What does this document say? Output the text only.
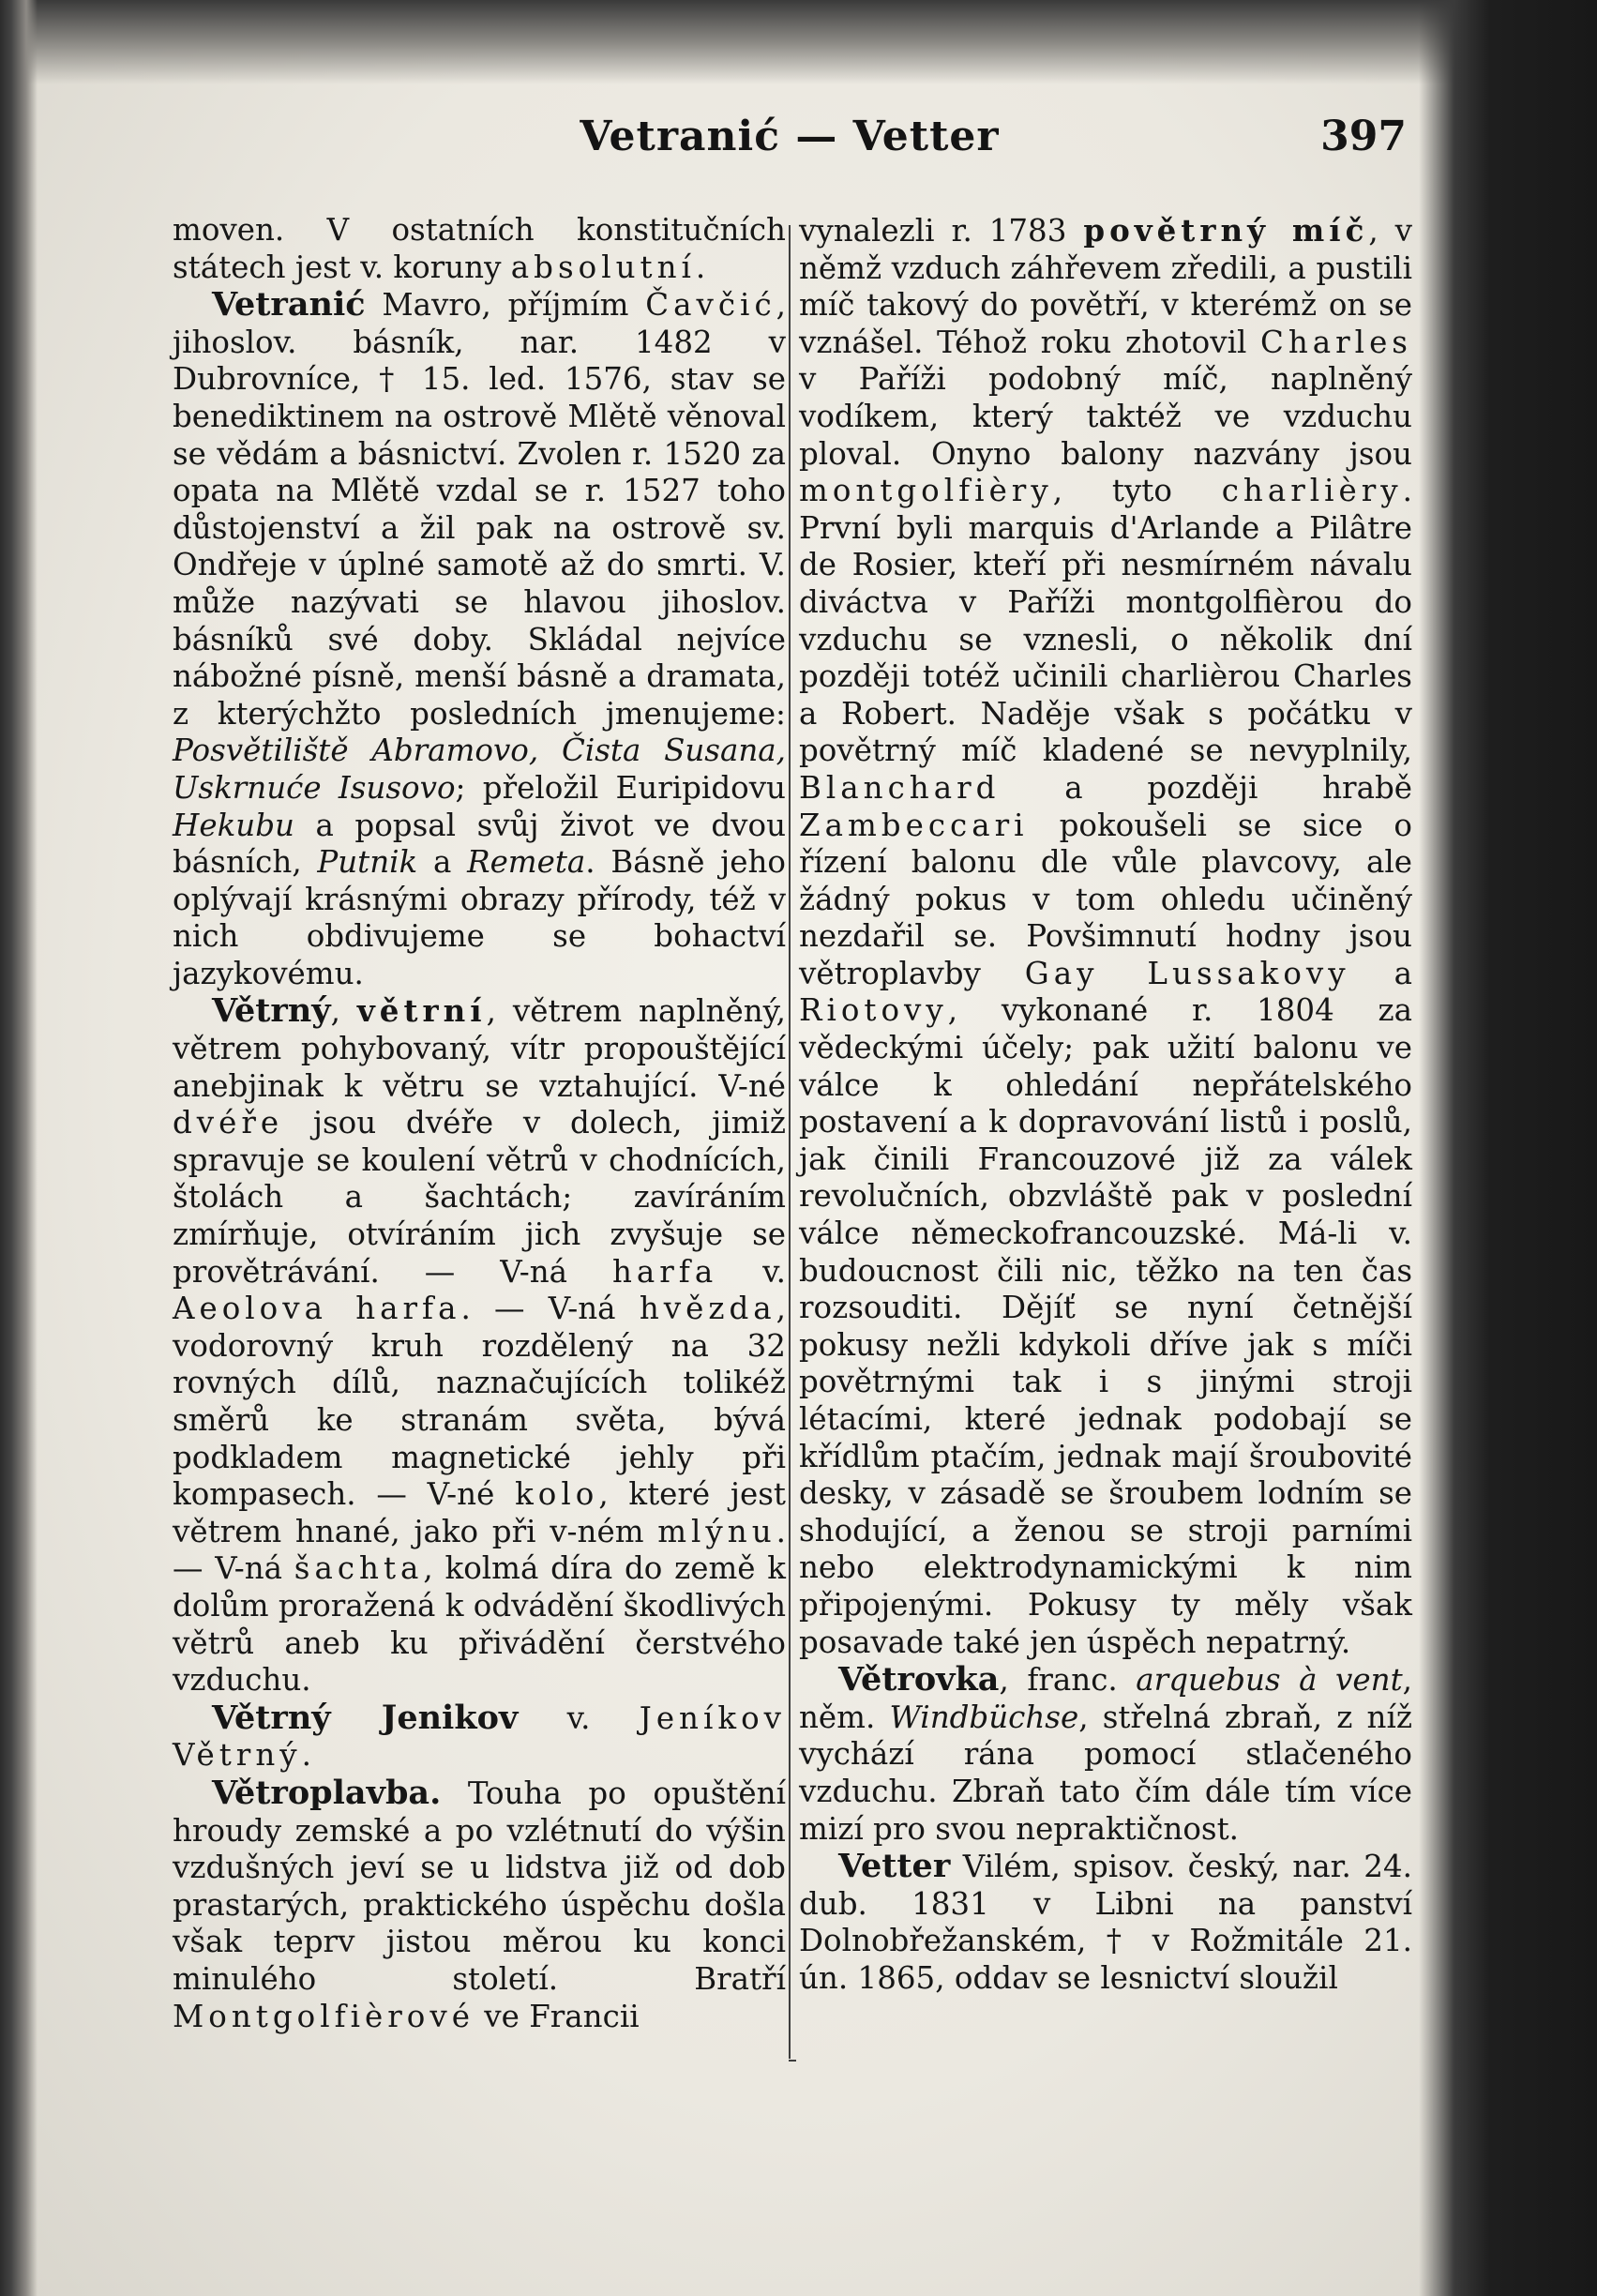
Vetranić — Vetter	397

moven. V ostatních konstitučních státech jest v. koruny absolutní.

Vetranić Mavro, příjmím Čavčić, jihoslov. básník, nar. 1482 v Dubrovníce, † 15. led. 1576, stav se benediktinem na ostrově Mlětě věnoval se vědám a básnictví. Zvolen r. 1520 za opata na Mlětě vzdal se r. 1527 toho důstojenství a žil pak na ostrově sv. Ondřeje v úplné samotě až do smrti. V. může nazývati se hlavou jihoslov. básníků své doby. Skládal nejvíce nábožné písně, menší básně a dramata, z kterýchžto posledních jmenujeme: Posvětiliště Abramovo, Čista Susana, Uskrnuće Isusovo; přeložil Euripidovu Hekubu a popsal svůj život ve dvou básních, Putnik a Remeta. Básně jeho oplývají krásnými obrazy přírody, též v nich obdivujeme se bohactví jazykovému.

Větrný, větrní, větrem naplněný, větrem pohybovaný, vítr propouštějící anebjinak k větru se vztahující. V-né dvéře jsou dvéře v dolech, jimiž spravuje se koulení větrů v chodnících, štolách a šachtách; zavíráním zmírňuje, otvíráním jich zvyšuje se provětrávání. — V-ná harfa v. Aeolova harfa. — V-ná hvězda, vodorovný kruh rozdělený na 32 rovných dílů, naznačujících tolikéž směrů ke stranám světa, bývá podkladem magnetické jehly při kompasech. — V-né kolo, které jest větrem hnané, jako při v-ném mlýnu. — V-ná šachta, kolmá díra do země k dolům proražená k odvádění škodlivých větrů aneb ku přivádění čerstvého vzduchu.

Větrný Jenikov v. Jeníkov Větrný.

Větroplavba. Touha po opuštění hroudy zemské a po vzlétnutí do výšin vzdušných jeví se u lidstva již od dob prastarých, praktického úspěchu došla však teprv jistou měrou ku konci minulého století. Bratří Montgolfièrové ve Francii

vynalezli r. 1783 povětrný míč, v němž vzduch záhřevem zředili, a pustili míč takový do povětří, v kterémž on se vznášel. Téhož roku zhotovil Charles v Paříži podobný míč, naplněný vodíkem, který taktéž ve vzduchu ploval. Onyno balony nazvány jsou montgolfièry, tyto charlièry. První byli marquis d'Arlande a Pilâtre de Rosier, kteří při nesmírném návalu diváctva v Paříži montgolfièrou do vzduchu se vznesli, o několik dní později totéž učinili charlièrou Charles a Robert. Naděje však s počátku v povětrný míč kladené se nevyplnily, Blanchard a později hrabě Zambeccari pokoušeli se sice o řízení balonu dle vůle plavcovy, ale žádný pokus v tom ohledu učiněný nezdařil se. Povšimnutí hodny jsou větroplavby Gay Lussakovy a Riotovy, vykonané r. 1804 za vědeckými účely; pak užití balonu ve válce k ohledání nepřátelského postavení a k dopravování listů i poslů, jak činili Francouzové již za válek revolučních, obzvláště pak v poslední válce německofrancouzské. Má-li v. budoucnost čili nic, těžko na ten čas rozsouditi. Dějíť se nyní četnější pokusy nežli kdykoli dříve jak s míči povětrnými tak i s jinými stroji létacími, které jednak podobají se křídlům ptačím, jednak mají šroubovité desky, v zásadě se šroubem lodním se shodující, a ženou se stroji parními nebo elektrodynamickými k nim připojenými. Pokusy ty měly však posavade také jen úspěch nepatrný.

Větrovka, franc. arquebus à vent, něm. Windbüchse, střelná zbraň, z níž vychází rána pomocí stlačeného vzduchu. Zbraň tato čím dále tím více mizí pro svou nepraktičnost.

Vetter Vilém, spisov. český, nar. 24. dub. 1831 v Libni na panství Dolnobřežanském, † v Rožmitále 21. ún. 1865, oddav se lesnictví sloužil
